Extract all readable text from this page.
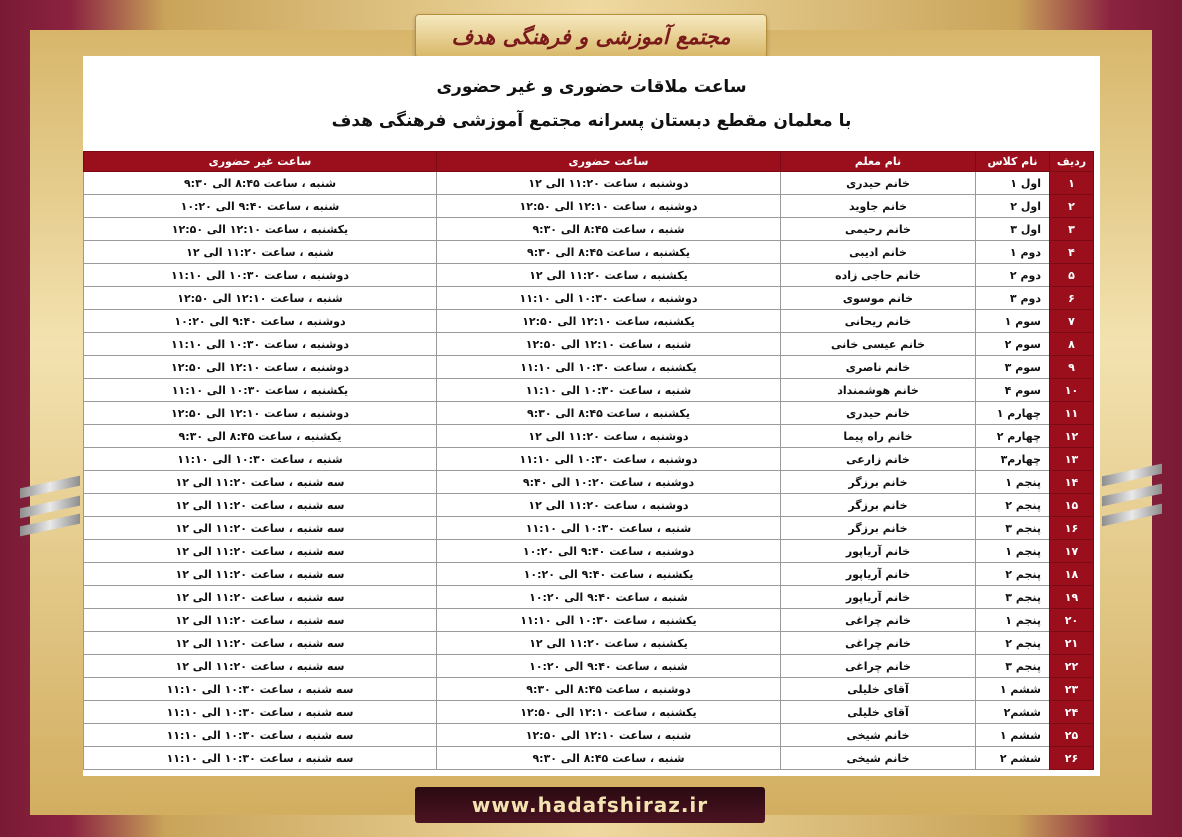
مجتمع آموزشی و فرهنگی هدف
ساعت ملاقات حضوری و غیر حضوری
با معلمان مقطع دبستان پسرانه مجتمع آموزشی فرهنگی هدف
ردیف	نام کلاس	نام معلم	ساعت حضوری	ساعت غیر حضوری
۱	اول ۱	خانم حیدری	دوشنبه ، ساعت ۱۱:۲۰ الی ۱۲	شنبه ، ساعت ۸:۴۵ الی ۹:۳۰
۲	اول ۲	خانم جاوید	دوشنبه ، ساعت ۱۲:۱۰ الی ۱۲:۵۰	شنبه ، ساعت ۹:۴۰ الی ۱۰:۲۰
۳	اول ۳	خانم رحیمی	شنبه ، ساعت ۸:۴۵ الی ۹:۳۰	یکشنبه ، ساعت ۱۲:۱۰ الی ۱۲:۵۰
۴	دوم ۱	خانم ادیبی	یکشنبه ، ساعت ۸:۴۵ الی ۹:۳۰	شنبه ، ساعت ۱۱:۲۰ الی ۱۲
۵	دوم ۲	خانم حاجی زاده	یکشنبه ، ساعت ۱۱:۲۰ الی ۱۲	دوشنبه ، ساعت ۱۰:۳۰ الی ۱۱:۱۰
۶	دوم ۳	خانم موسوی	دوشنبه ، ساعت ۱۰:۳۰ الی ۱۱:۱۰	شنبه ، ساعت ۱۲:۱۰ الی ۱۲:۵۰
۷	سوم ۱	خانم ریحانی	یکشنبه، ساعت ۱۲:۱۰ الی ۱۲:۵۰	دوشنبه ، ساعت ۹:۴۰ الی ۱۰:۲۰
۸	سوم ۲	خانم عیسی خانی	شنبه ، ساعت ۱۲:۱۰ الی ۱۲:۵۰	دوشنبه ، ساعت ۱۰:۳۰ الی ۱۱:۱۰
۹	سوم ۳	خانم ناصری	یکشنبه ، ساعت ۱۰:۳۰ الی ۱۱:۱۰	دوشنبه ، ساعت ۱۲:۱۰ الی ۱۲:۵۰
۱۰	سوم ۴	خانم هوشمنداد	شنبه ، ساعت ۱۰:۳۰ الی ۱۱:۱۰	یکشنبه ، ساعت ۱۰:۳۰ الی ۱۱:۱۰
۱۱	چهارم ۱	خانم حیدری	یکشنبه ، ساعت ۸:۴۵ الی ۹:۳۰	دوشنبه ، ساعت ۱۲:۱۰ الی ۱۲:۵۰
۱۲	چهارم ۲	خانم راه پیما	دوشنبه ، ساعت ۱۱:۲۰ الی ۱۲	یکشنبه ، ساعت ۸:۴۵ الی ۹:۳۰
۱۳	چهارم۳	خانم زارعی	دوشنبه ، ساعت ۱۰:۳۰ الی ۱۱:۱۰	شنبه ، ساعت ۱۰:۳۰ الی ۱۱:۱۰
۱۴	پنجم ۱	خانم برزگر	دوشنبه ، ساعت ۱۰:۲۰ الی ۹:۴۰	سه شنبه ، ساعت ۱۱:۲۰ الی ۱۲
۱۵	پنجم ۲	خانم برزگر	دوشنبه ، ساعت ۱۱:۲۰ الی ۱۲	سه شنبه ، ساعت ۱۱:۲۰ الی ۱۲
۱۶	پنجم ۳	خانم برزگر	شنبه ، ساعت ۱۰:۳۰ الی ۱۱:۱۰	سه شنبه ، ساعت ۱۱:۲۰ الی ۱۲
۱۷	پنجم ۱	خانم آریاپور	دوشنبه ، ساعت ۹:۴۰ الی ۱۰:۲۰	سه شنبه ، ساعت ۱۱:۲۰ الی ۱۲
۱۸	پنجم ۲	خانم آریاپور	یکشنبه ، ساعت ۹:۴۰ الی ۱۰:۲۰	سه شنبه ، ساعت ۱۱:۲۰ الی ۱۲
۱۹	پنجم ۳	خانم آریاپور	شنبه ، ساعت ۹:۴۰ الی ۱۰:۲۰	سه شنبه ، ساعت ۱۱:۲۰ الی ۱۲
۲۰	پنجم ۱	خانم چراغی	یکشنبه ، ساعت ۱۰:۳۰ الی ۱۱:۱۰	سه شنبه ، ساعت ۱۱:۲۰ الی ۱۲
۲۱	پنجم ۲	خانم چراغی	یکشنبه ، ساعت ۱۱:۲۰ الی ۱۲	سه شنبه ، ساعت ۱۱:۲۰ الی ۱۲
۲۲	پنجم ۳	خانم چراغی	شنبه ، ساعت ۹:۴۰ الی ۱۰:۲۰	سه شنبه ، ساعت ۱۱:۲۰ الی ۱۲
۲۳	ششم ۱	آقای خلیلی	دوشنبه ، ساعت ۸:۴۵ الی ۹:۳۰	سه شنبه ، ساعت ۱۰:۳۰ الی ۱۱:۱۰
۲۴	ششم۲	آقای خلیلی	یکشنبه ، ساعت ۱۲:۱۰ الی ۱۲:۵۰	سه شنبه ، ساعت ۱۰:۳۰ الی ۱۱:۱۰
۲۵	ششم ۱	خانم شیخی	شنبه ، ساعت ۱۲:۱۰ الی ۱۲:۵۰	سه شنبه ، ساعت ۱۰:۳۰ الی ۱۱:۱۰
۲۶	ششم ۲	خانم شیخی	شنبه ، ساعت ۸:۴۵ الی ۹:۳۰	سه شنبه ، ساعت ۱۰:۳۰ الی ۱۱:۱۰
www.hadafshiraz.ir
